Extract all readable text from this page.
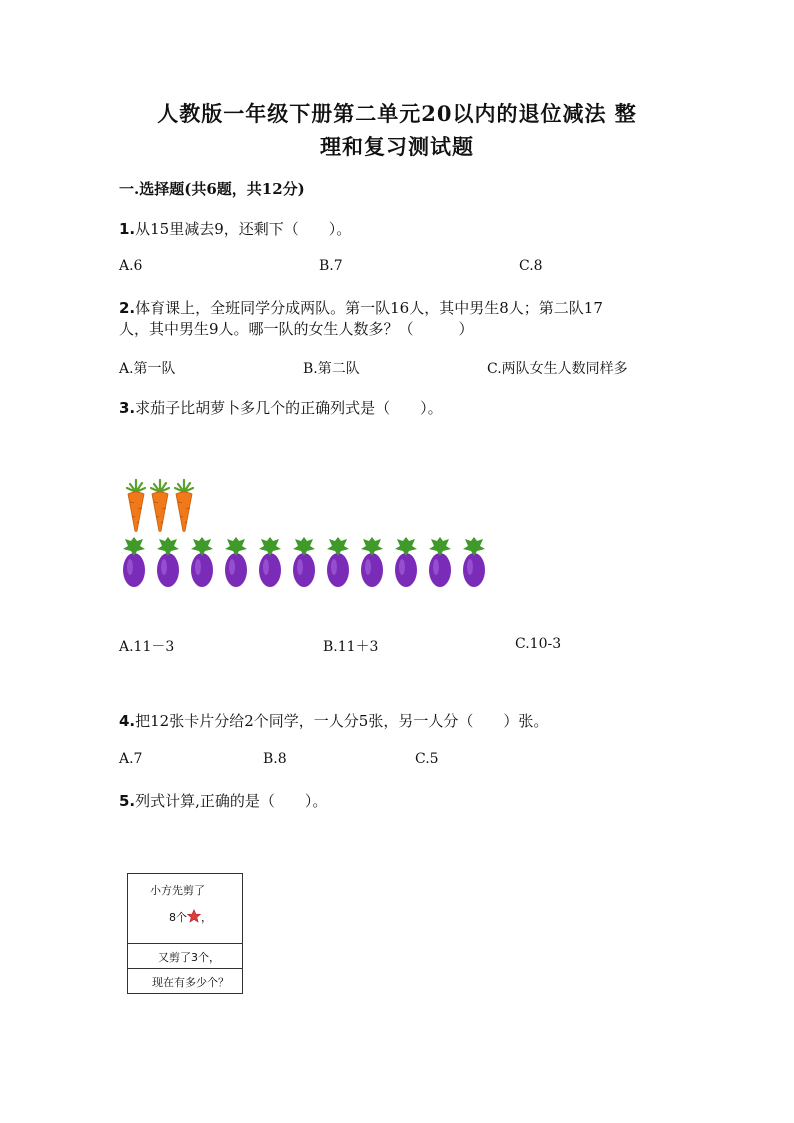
人教版一年级下册第二单元20以内的退位减法 整
理和复习测试题
一.选择题(共6题，共12分)
1.从15里减去9，还剩下（　　）。
A.6	B.7	C.8
2.体育课上，全班同学分成两队。第一队16人，其中男生8人；第二队17
人，其中男生9人。哪一队的女生人数多？（　　　）
A.第一队	B.第二队	C.两队女生人数同样多
3.求茄子比胡萝卜多几个的正确列式是（　　）。
A.11－3	B.11＋3	C.10-3
4.把12张卡片分给2个同学，一人分5张，另一人分（　　）张。
A.7	B.8	C.5
5.列式计算,正确的是（　　）。
小方先剪了
8个 ，
又剪了3个，
现在有多少个？
